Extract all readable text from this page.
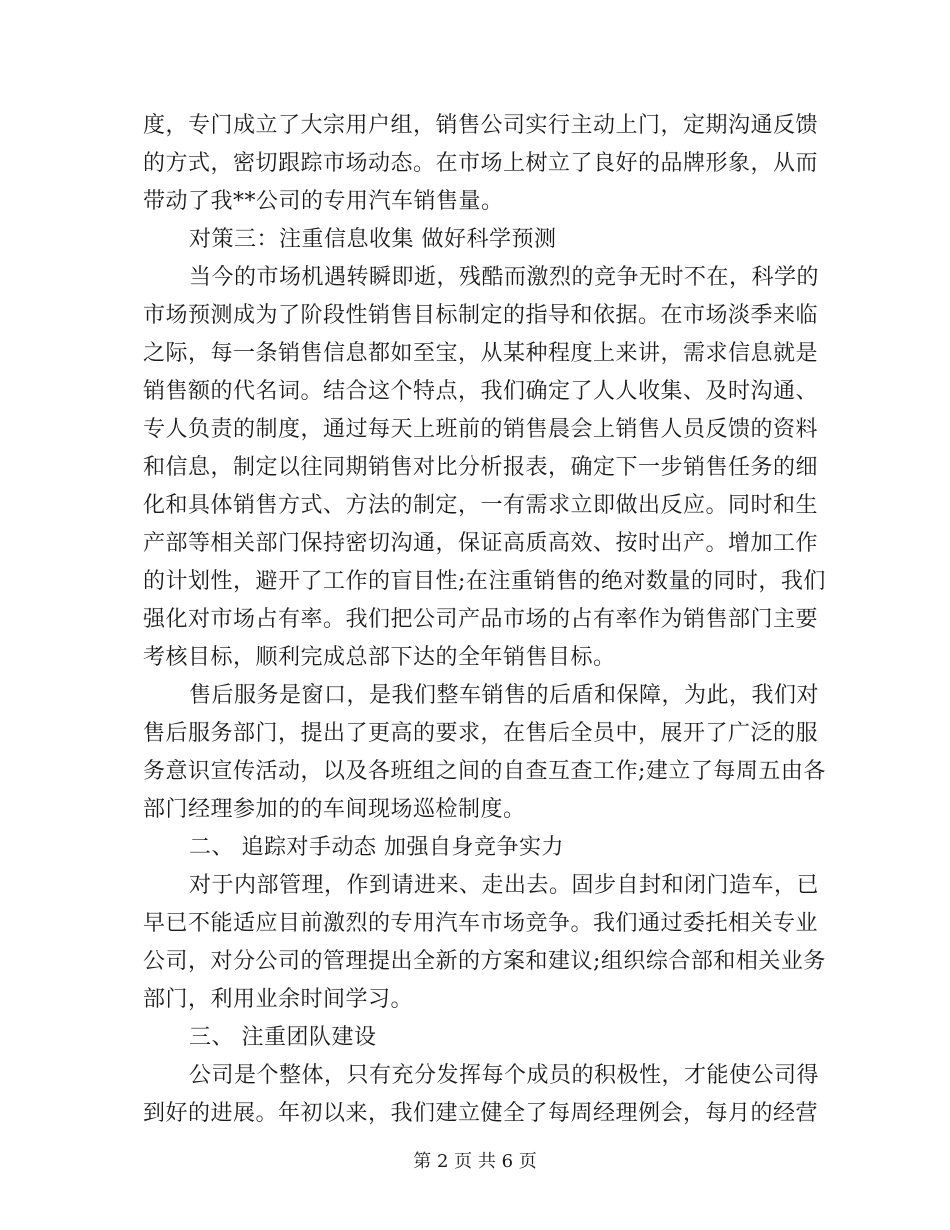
度，专门成立了大宗用户组，销售公司实行主动上门，定期沟通反馈
的方式，密切跟踪市场动态。在市场上树立了良好的品牌形象，从而
带动了我**公司的专用汽车销售量。
对策三：注重信息收集 做好科学预测
当今的市场机遇转瞬即逝，残酷而激烈的竞争无时不在，科学的
市场预测成为了阶段性销售目标制定的指导和依据。在市场淡季来临
之际，每一条销售信息都如至宝，从某种程度上来讲，需求信息就是
销售额的代名词。结合这个特点，我们确定了人人收集、及时沟通、
专人负责的制度，通过每天上班前的销售晨会上销售人员反馈的资料
和信息，制定以往同期销售对比分析报表，确定下一步销售任务的细
化和具体销售方式、方法的制定，一有需求立即做出反应。同时和生
产部等相关部门保持密切沟通，保证高质高效、按时出产。增加工作
的计划性，避开了工作的盲目性;在注重销售的绝对数量的同时，我们
强化对市场占有率。我们把公司产品市场的占有率作为销售部门主要
考核目标，顺利完成总部下达的全年销售目标。
售后服务是窗口，是我们整车销售的后盾和保障，为此，我们对
售后服务部门，提出了更高的要求，在售后全员中，展开了广泛的服
务意识宣传活动，以及各班组之间的自查互查工作;建立了每周五由各
部门经理参加的的车间现场巡检制度。
二、 追踪对手动态 加强自身竞争实力
对于内部管理，作到请进来、走出去。固步自封和闭门造车，已
早已不能适应目前激烈的专用汽车市场竞争。我们通过委托相关专业
公司，对分公司的管理提出全新的方案和建议;组织综合部和相关业务
部门，利用业余时间学习。
三、 注重团队建设
公司是个整体，只有充分发挥每个成员的积极性，才能使公司得
到好的进展。年初以来，我们建立健全了每周经理例会，每月的经营
第 2 页 共 6 页
